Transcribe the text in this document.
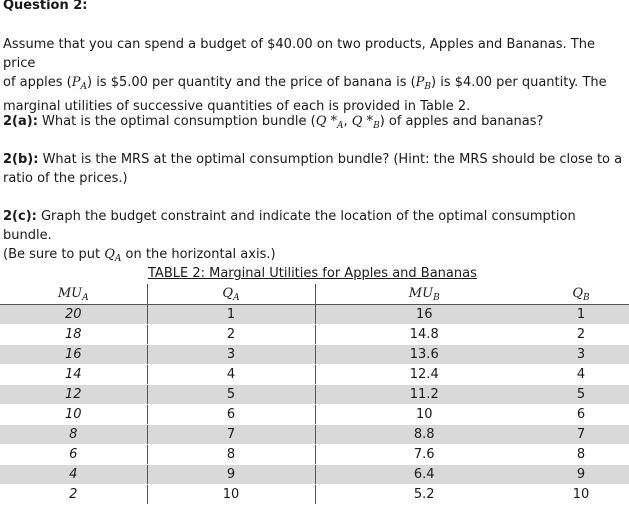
Question 2:

Assume that you can spend a budget of $40.00 on two products, Apples and Bananas. The price
of apples $(P_A)$ is $5.00 per quantity and the price of banana is $(P_B)$ is $4.00 per quantity. The
marginal utilities of successive quantities of each is provided in Table 2.

2(a): What is the optimal consumption bundle (Q $*_A$, Q $*_B$) of apples and bananas?

2(b): What is the MRS at the optimal consumption bundle? (Hint: the MRS should be close to a
ratio of the prices.)

2(c): Graph the budget constraint and indicate the location of the optimal consumption bundle.
(Be sure to put $Q_A$ on the horizontal axis.)

TABLE 2: Marginal Utilities for Apples and Bananas

$MU_A$	$Q_A$	$MU_B$	$Q_B$
20	1	16	1
18	2	14.8	2
16	3	13.6	3
14	4	12.4	4
12	5	11.2	5
10	6	10	6
8	7	8.8	7
6	8	7.6	8
4	9	6.4	9
2	10	5.2	10
